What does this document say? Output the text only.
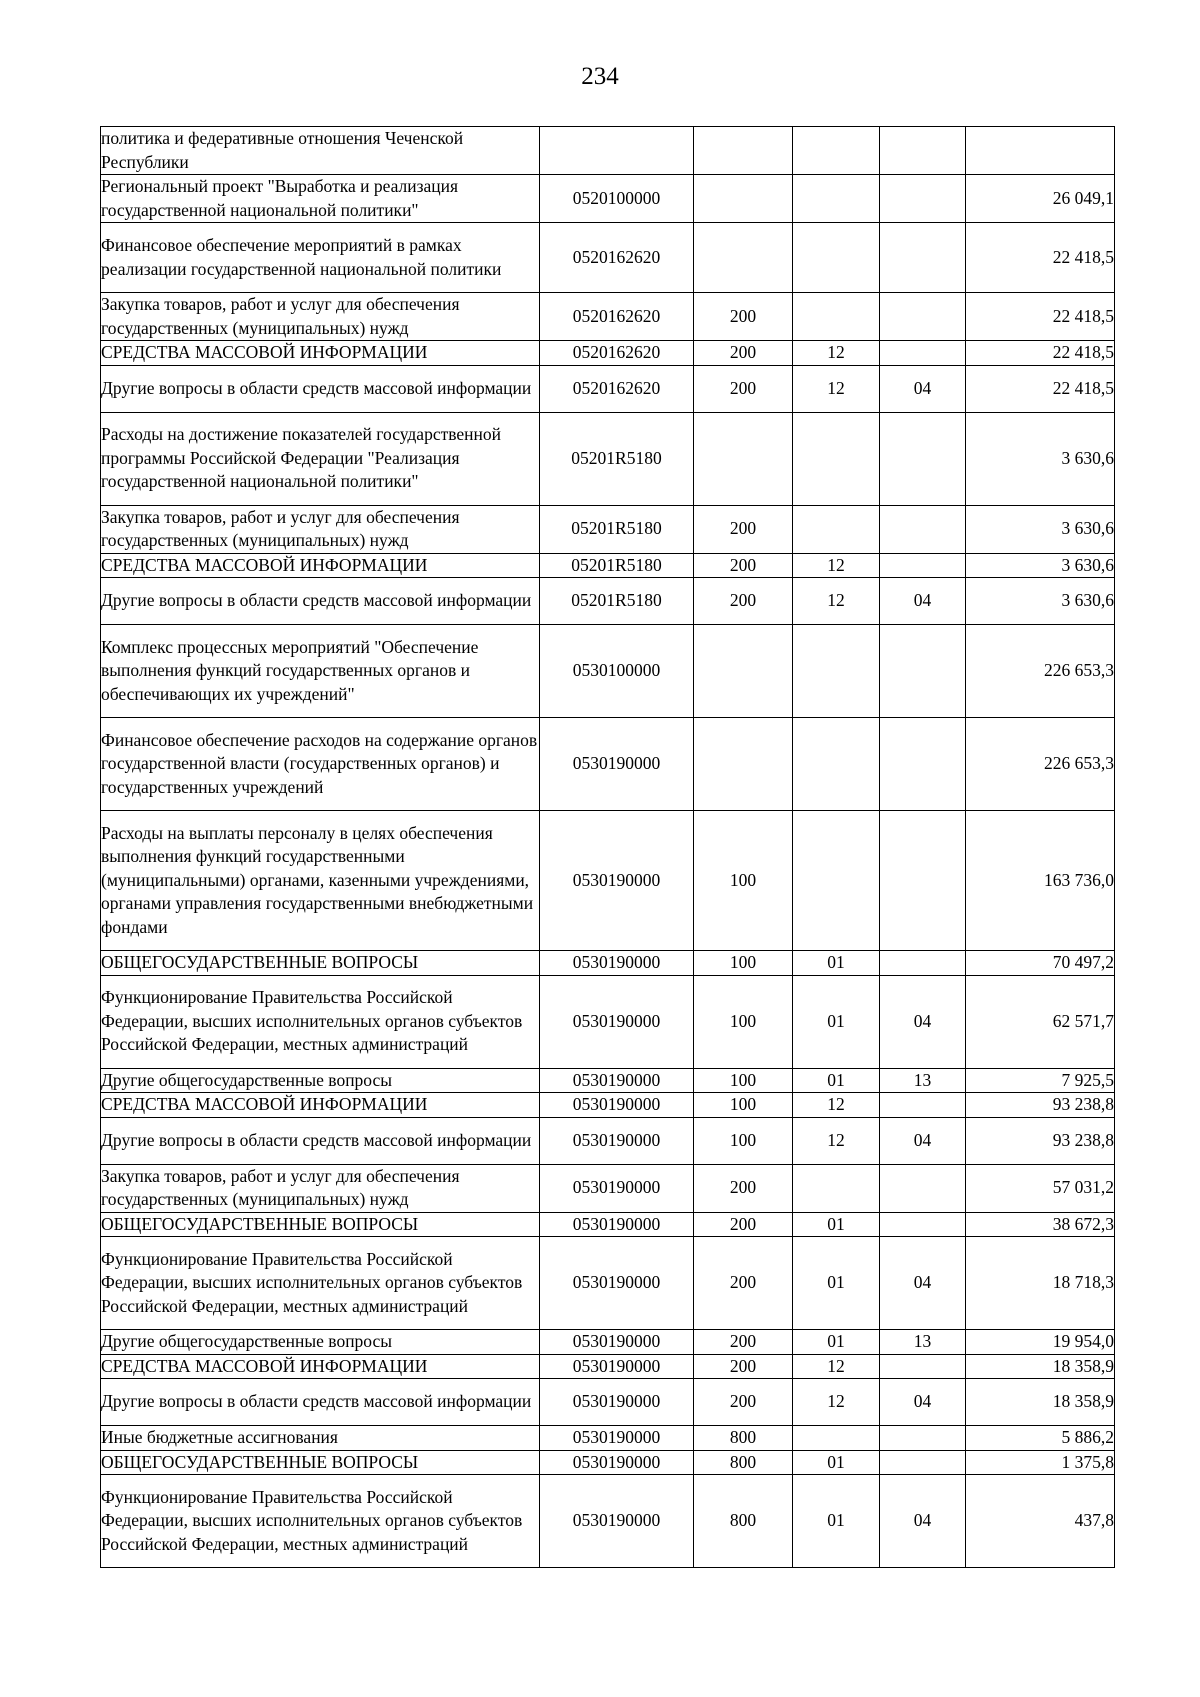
234
политика и федеративные отношения Чеченской Республики					
Региональный проект "Выработка и реализация государственной национальной политики"	0520100000				26 049,1
Финансовое обеспечение мероприятий в рамках реализации государственной национальной политики	0520162620				22 418,5
Закупка товаров, работ и услуг для обеспечения государственных (муниципальных) нужд	0520162620	200			22 418,5
СРЕДСТВА МАССОВОЙ ИНФОРМАЦИИ	0520162620	200	12		22 418,5
Другие вопросы в области средств массовой информации	0520162620	200	12	04	22 418,5
Расходы на достижение показателей государственной программы Российской Федерации "Реализация государственной национальной политики"	05201R5180				3 630,6
Закупка товаров, работ и услуг для обеспечения государственных (муниципальных) нужд	05201R5180	200			3 630,6
СРЕДСТВА МАССОВОЙ ИНФОРМАЦИИ	05201R5180	200	12		3 630,6
Другие вопросы в области средств массовой информации	05201R5180	200	12	04	3 630,6
Комплекс процессных мероприятий "Обеспечение выполнения функций государственных органов и обеспечивающих их учреждений"	0530100000				226 653,3
Финансовое обеспечение расходов на содержание органов государственной власти (государственных органов) и государственных учреждений	0530190000				226 653,3
Расходы на выплаты персоналу в целях обеспечения выполнения функций государственными (муниципальными) органами, казенными учреждениями, органами управления государственными внебюджетными фондами	0530190000	100			163 736,0
ОБЩЕГОСУДАРСТВЕННЫЕ ВОПРОСЫ	0530190000	100	01		70 497,2
Функционирование Правительства Российской Федерации, высших исполнительных органов субъектов Российской Федерации, местных администраций	0530190000	100	01	04	62 571,7
Другие общегосударственные вопросы	0530190000	100	01	13	7 925,5
СРЕДСТВА МАССОВОЙ ИНФОРМАЦИИ	0530190000	100	12		93 238,8
Другие вопросы в области средств массовой информации	0530190000	100	12	04	93 238,8
Закупка товаров, работ и услуг для обеспечения государственных (муниципальных) нужд	0530190000	200			57 031,2
ОБЩЕГОСУДАРСТВЕННЫЕ ВОПРОСЫ	0530190000	200	01		38 672,3
Функционирование Правительства Российской Федерации, высших исполнительных органов субъектов Российской Федерации, местных администраций	0530190000	200	01	04	18 718,3
Другие общегосударственные вопросы	0530190000	200	01	13	19 954,0
СРЕДСТВА МАССОВОЙ ИНФОРМАЦИИ	0530190000	200	12		18 358,9
Другие вопросы в области средств массовой информации	0530190000	200	12	04	18 358,9
Иные бюджетные ассигнования	0530190000	800			5 886,2
ОБЩЕГОСУДАРСТВЕННЫЕ ВОПРОСЫ	0530190000	800	01		1 375,8
Функционирование Правительства Российской Федерации, высших исполнительных органов субъектов Российской Федерации, местных администраций	0530190000	800	01	04	437,8
